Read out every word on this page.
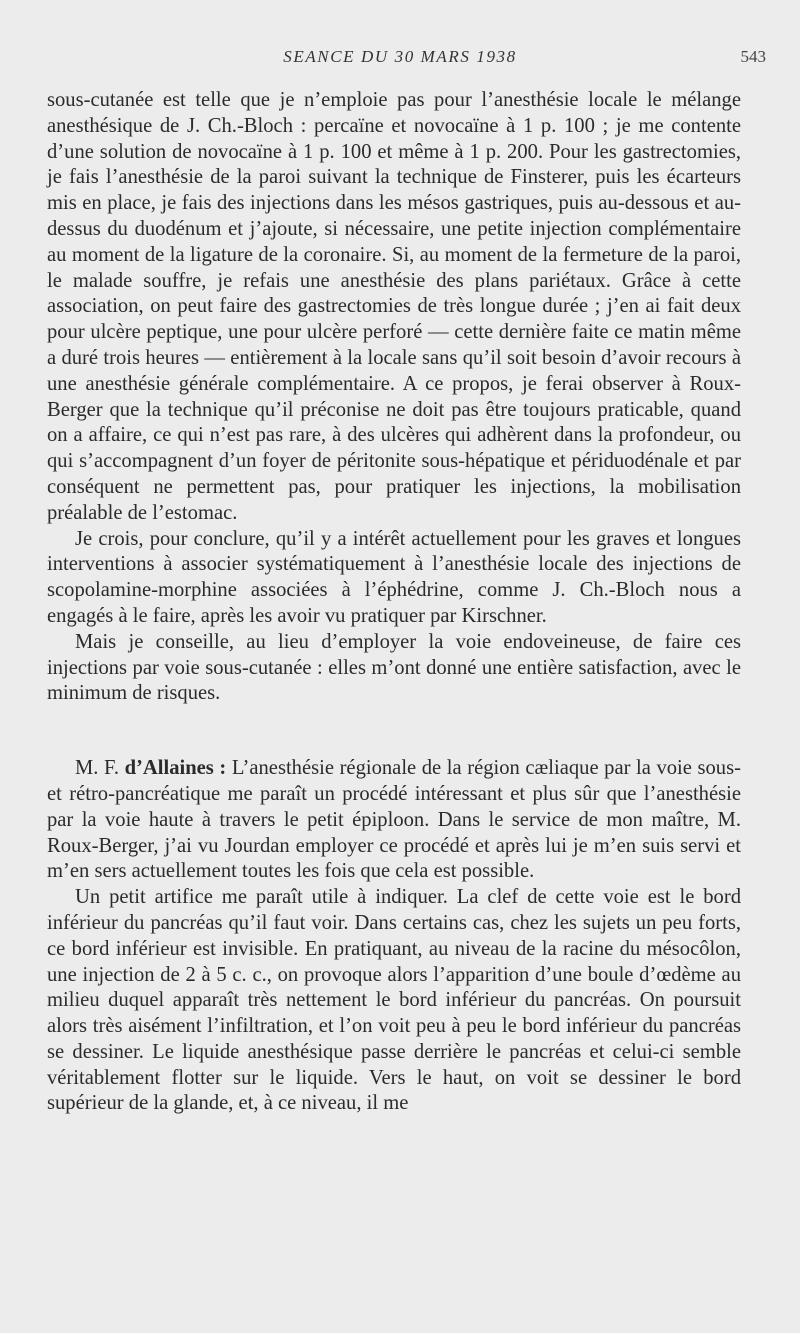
SEANCE DU 30 MARS 1938	543

sous-cutanée est telle que je n’emploie pas pour l’anesthésie locale le mélange anesthésique de J. Ch.-Bloch : percaïne et novocaïne à 1 p. 100 ; je me contente d’une solution de novocaïne à 1 p. 100 et même à 1 p. 200. Pour les gastrectomies, je fais l’anesthésie de la paroi suivant la technique de Finsterer, puis les écarteurs mis en place, je fais des injections dans les mésos gastriques, puis au-dessous et au-dessus du duodénum et j’ajoute, si nécessaire, une petite injection complémentaire au moment de la ligature de la coronaire. Si, au moment de la fermeture de la paroi, le malade souffre, je refais une anesthésie des plans pariétaux. Grâce à cette association, on peut faire des gastrectomies de très longue durée ; j’en ai fait deux pour ulcère peptique, une pour ulcère perforé — cette dernière faite ce matin même a duré trois heures — entièrement à la locale sans qu’il soit besoin d’avoir recours à une anesthésie générale complémentaire. A ce propos, je ferai observer à Roux-Berger que la technique qu’il préconise ne doit pas être toujours praticable, quand on a affaire, ce qui n’est pas rare, à des ulcères qui adhèrent dans la profondeur, ou qui s’accompagnent d’un foyer de péritonite sous-hépatique et périduodénale et par conséquent ne permettent pas, pour pratiquer les injections, la mobilisation préalable de l’estomac.

Je crois, pour conclure, qu’il y a intérêt actuellement pour les graves et longues interventions à associer systématiquement à l’anesthésie locale des injections de scopolamine-morphine associées à l’éphédrine, comme J. Ch.-Bloch nous a engagés à le faire, après les avoir vu pratiquer par Kirschner.

Mais je conseille, au lieu d’employer la voie endoveineuse, de faire ces injections par voie sous-cutanée : elles m’ont donné une entière satisfaction, avec le minimum de risques.

M. F. d’Allaines : L’anesthésie régionale de la région cæliaque par la voie sous- et rétro-pancréatique me paraît un procédé intéressant et plus sûr que l’anesthésie par la voie haute à travers le petit épiploon. Dans le service de mon maître, M. Roux-Berger, j’ai vu Jourdan employer ce procédé et après lui je m’en suis servi et m’en sers actuellement toutes les fois que cela est possible.

Un petit artifice me paraît utile à indiquer. La clef de cette voie est le bord inférieur du pancréas qu’il faut voir. Dans certains cas, chez les sujets un peu forts, ce bord inférieur est invisible. En pratiquant, au niveau de la racine du mésocôlon, une injection de 2 à 5 c. c., on provoque alors l’apparition d’une boule d’œdème au milieu duquel apparaît très nettement le bord inférieur du pancréas. On poursuit alors très aisément l’infiltration, et l’on voit peu à peu le bord inférieur du pancréas se dessiner. Le liquide anesthésique passe derrière le pancréas et celui-ci semble véritablement flotter sur le liquide. Vers le haut, on voit se dessiner le bord supérieur de la glande, et, à ce niveau, il me
